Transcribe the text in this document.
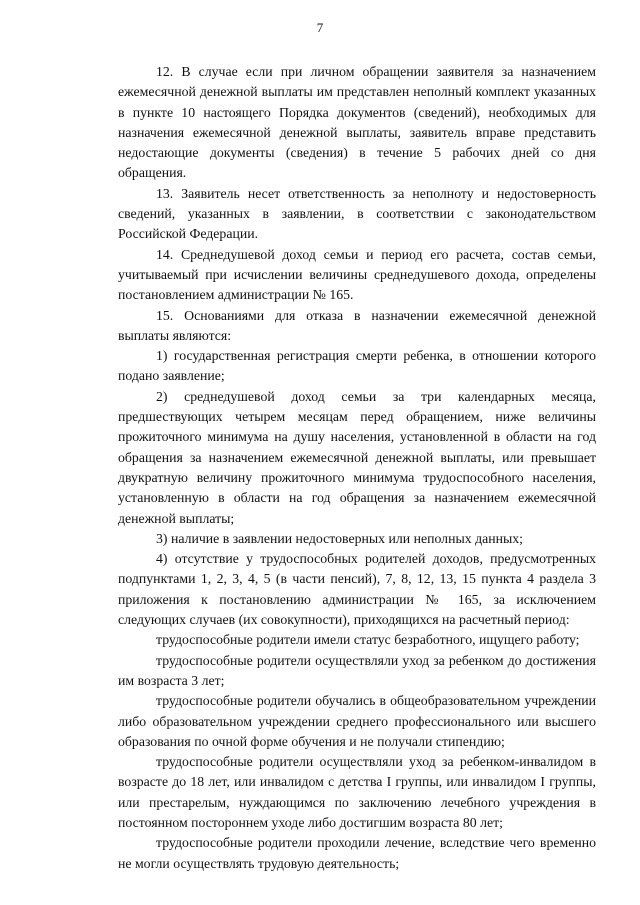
7

12. В случае если при личном обращении заявителя за назначением ежемесячной денежной выплаты им представлен неполный комплект указанных в пункте 10 настоящего Порядка документов (сведений), необходимых для назначения ежемесячной денежной выплаты, заявитель вправе представить недостающие документы (сведения) в течение 5 рабочих дней со дня обращения.

13. Заявитель несет ответственность за неполноту и недостоверность сведений, указанных в заявлении, в соответствии с законодательством Российской Федерации.

14. Среднедушевой доход семьи и период его расчета, состав семьи, учитываемый при исчислении величины среднедушевого дохода, определены постановлением администрации № 165.

15. Основаниями для отказа в назначении ежемесячной денежной выплаты являются:

1) государственная регистрация смерти ребенка, в отношении которого подано заявление;

2) среднедушевой доход семьи за три календарных месяца, предшествующих четырем месяцам перед обращением, ниже величины прожиточного минимума на душу населения, установленной в области на год обращения за назначением ежемесячной денежной выплаты, или превышает двукратную величину прожиточного минимума трудоспособного населения, установленную в области на год обращения за назначением ежемесячной денежной выплаты;

3) наличие в заявлении недостоверных или неполных данных;

4) отсутствие у трудоспособных родителей доходов, предусмотренных подпунктами 1, 2, 3, 4, 5 (в части пенсий), 7, 8, 12, 13, 15 пункта 4 раздела 3 приложения к постановлению администрации № 165, за исключением следующих случаев (их совокупности), приходящихся на расчетный период:

трудоспособные родители имели статус безработного, ищущего работу;

трудоспособные родители осуществляли уход за ребенком до достижения им возраста 3 лет;

трудоспособные родители обучались в общеобразовательном учреждении либо образовательном учреждении среднего профессионального или высшего образования по очной форме обучения и не получали стипендию;

трудоспособные родители осуществляли уход за ребенком-инвалидом в возрасте до 18 лет, или инвалидом с детства I группы, или инвалидом I группы, или престарелым, нуждающимся по заключению лечебного учреждения в постоянном постороннем уходе либо достигшим возраста 80 лет;

трудоспособные родители проходили лечение, вследствие чего временно не могли осуществлять трудовую деятельность;
